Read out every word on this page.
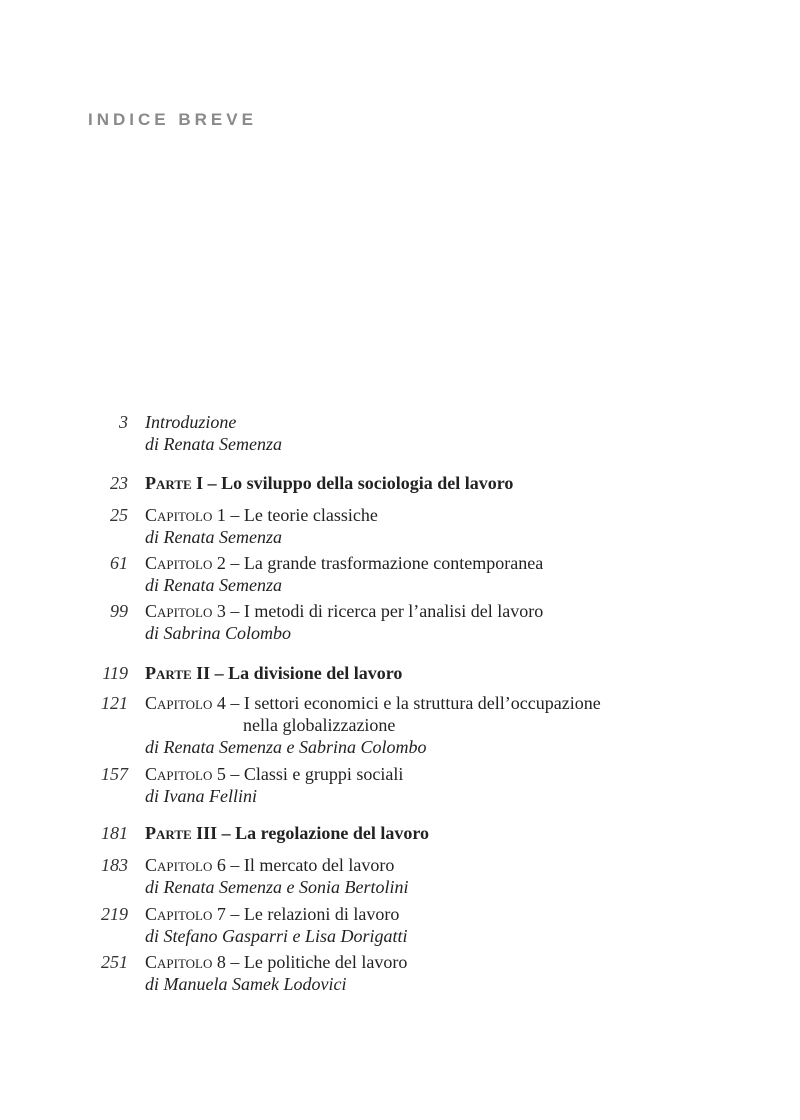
INDICE BREVE
3 Introduzione
di Renata Semenza
23 Parte I – Lo sviluppo della sociologia del lavoro
25 Capitolo 1 – Le teorie classiche
di Renata Semenza
61 Capitolo 2 – La grande trasformazione contemporanea
di Renata Semenza
99 Capitolo 3 – I metodi di ricerca per l’analisi del lavoro
di Sabrina Colombo
119 Parte II – La divisione del lavoro
121 Capitolo 4 – I settori economici e la struttura dell’occupazione
nella globalizzazione
di Renata Semenza e Sabrina Colombo
157 Capitolo 5 – Classi e gruppi sociali
di Ivana Fellini
181 Parte III – La regolazione del lavoro
183 Capitolo 6 – Il mercato del lavoro
di Renata Semenza e Sonia Bertolini
219 Capitolo 7 – Le relazioni di lavoro
di Stefano Gasparri e Lisa Dorigatti
251 Capitolo 8 – Le politiche del lavoro
di Manuela Samek Lodovici
